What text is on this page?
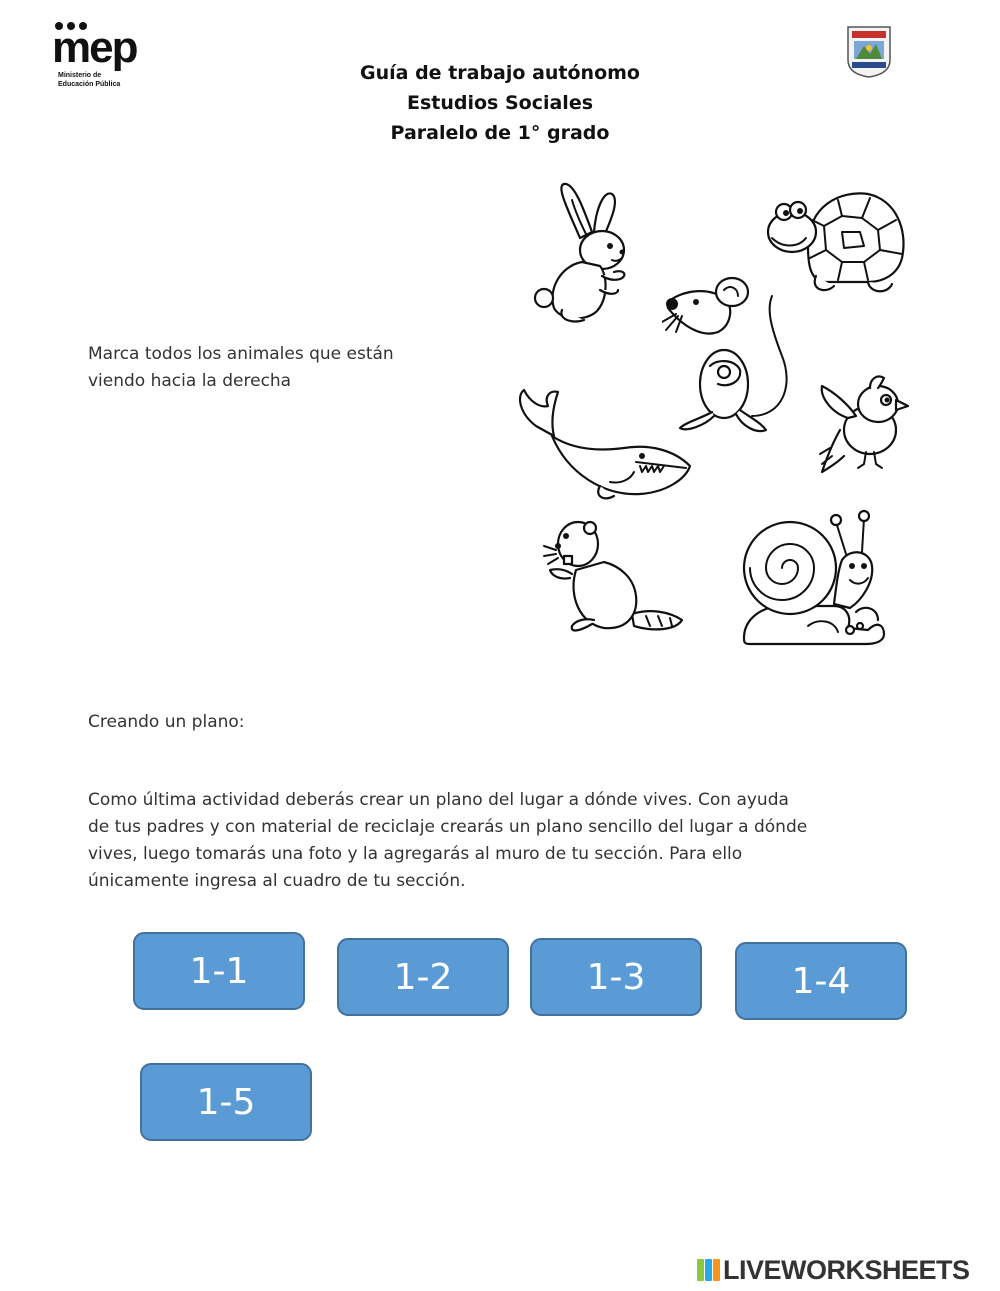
mep
Ministerio de
Educación Pública
Guía de trabajo autónomo
Estudios Sociales
Paralelo de 1° grado
Marca todos los animales que están
viendo hacia la derecha
Creando un plano:
Como última actividad deberás crear un plano del lugar a dónde vives. Con ayuda
de tus padres y con material de reciclaje crearás un plano sencillo del lugar a dónde
vives, luego tomarás una foto y la agregarás al muro de tu sección. Para ello
únicamente ingresa al cuadro de tu sección.
1-1	1-2	1-3	1-4
1-5
LIVEWORKSHEETS
